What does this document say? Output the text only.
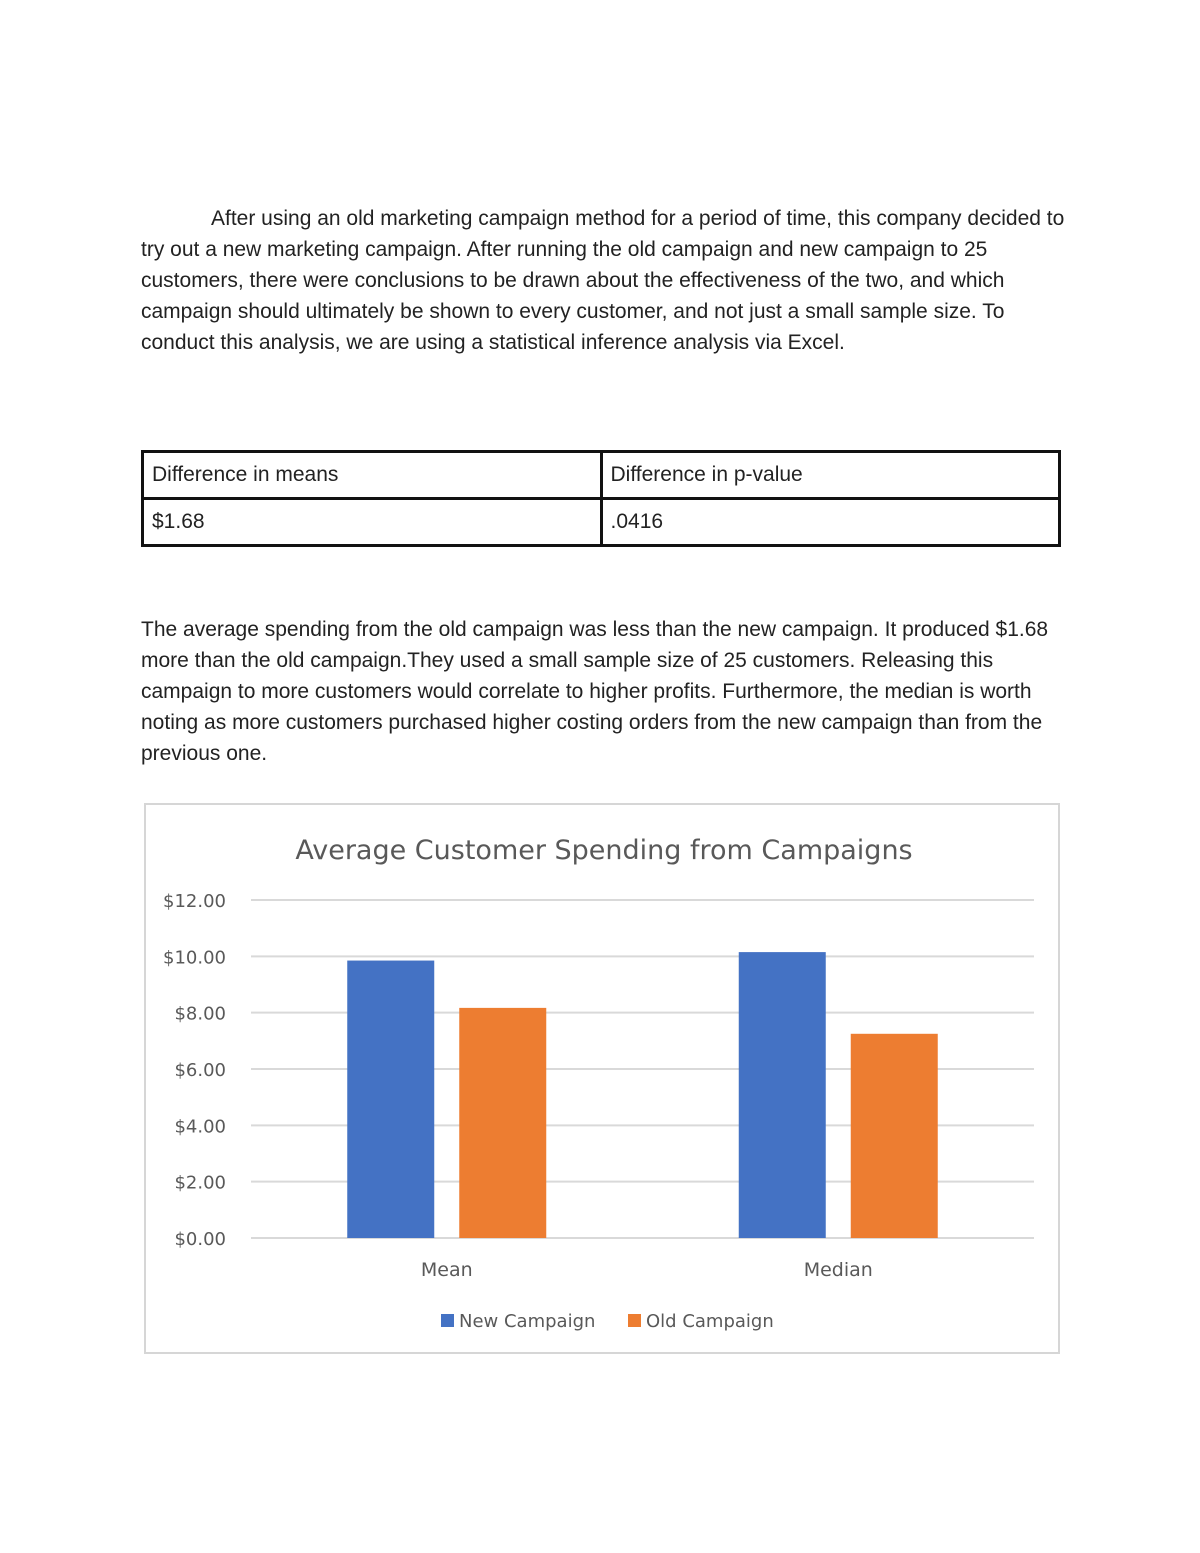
After using an old marketing campaign method for a period of time, this company decided to try out a new marketing campaign. After running the old campaign and new campaign to 25 customers, there were conclusions to be drawn about the effectiveness of the two, and which campaign should ultimately be shown to every customer, and not just a small sample size. To conduct this analysis, we are using a statistical inference analysis via Excel.

Difference in means	Difference in p-value
$1.68	.0416

The average spending from the old campaign was less than the new campaign. It produced $1.68 more than the old campaign.They used a small sample size of 25 customers. Releasing this campaign to more customers would correlate to higher profits. Furthermore, the median is worth noting as more customers purchased higher costing orders from the new campaign than from the previous one.

Average Customer Spending from Campaigns
$0.00
$2.00
$4.00
$6.00
$8.00
$10.00
$12.00
Mean	Median
New Campaign	Old Campaign
